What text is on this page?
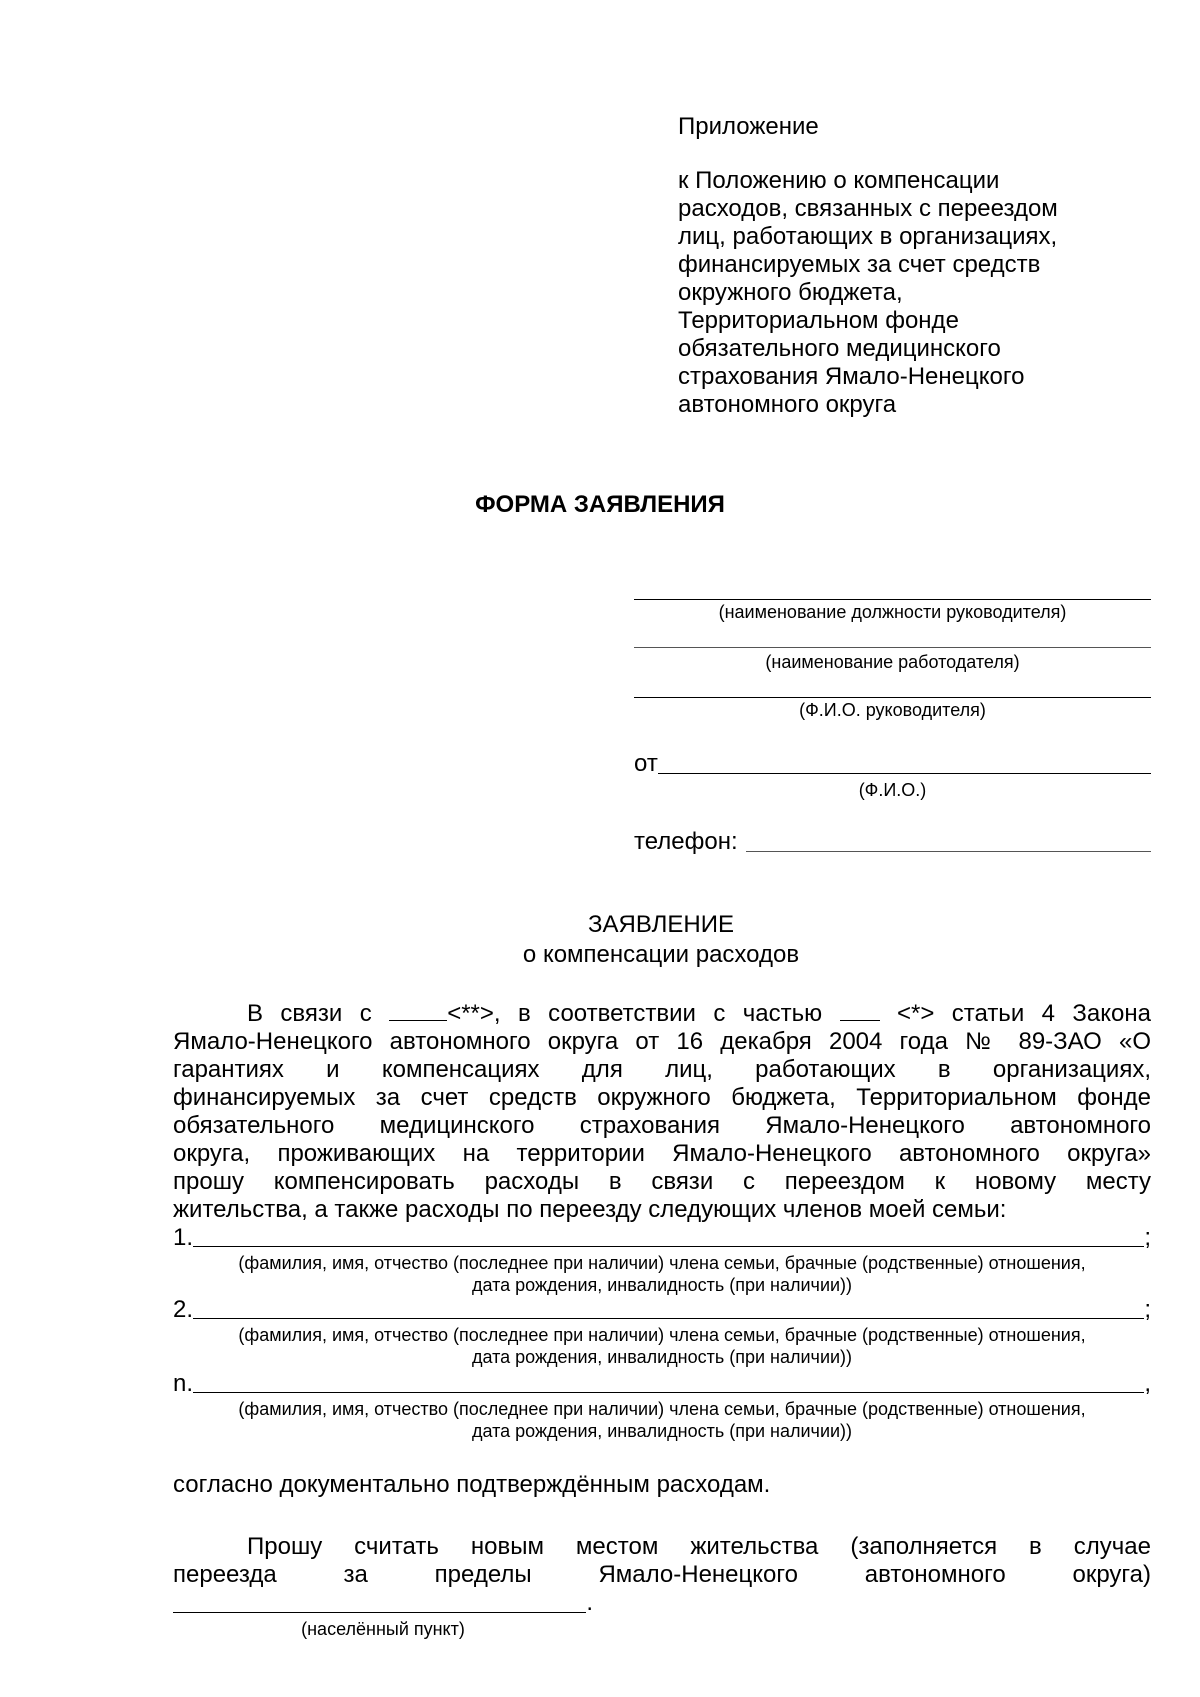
Приложение
к Положению о компенсации
расходов, связанных с переездом
лиц, работающих в организациях,
финансируемых за счет средств
окружного бюджета,
Территориальном фонде
обязательного медицинского
страхования Ямало-Ненецкого
автономного округа
ФОРМА ЗАЯВЛЕНИЯ
(наименование должности руководителя)
(наименование работодателя)
(Ф.И.О. руководителя)
от
(Ф.И.О.)
телефон:
ЗАЯВЛЕНИЕ
о компенсации расходов
В связи с <**>, в соответствии с частью  <*> статьи 4 Закона
Ямало-Ненецкого автономного округа от 16 декабря 2004 года № 89-ЗАО «О
гарантиях и компенсациях для лиц, работающих в организациях,
финансируемых за счет средств окружного бюджета, Территориальном фонде
обязательного медицинского страхования Ямало-Ненецкого автономного
округа, проживающих на территории Ямало-Ненецкого автономного округа»
прошу компенсировать расходы в связи с переездом к новому месту
жительства, а также расходы по переезду следующих членов моей семьи:
1.	;
(фамилия, имя, отчество (последнее при наличии) члена семьи, брачные (родственные) отношения,
дата рождения, инвалидность (при наличии))
2.	;
(фамилия, имя, отчество (последнее при наличии) члена семьи, брачные (родственные) отношения,
дата рождения, инвалидность (при наличии))
n.	,
(фамилия, имя, отчество (последнее при наличии) члена семьи, брачные (родственные) отношения,
дата рождения, инвалидность (при наличии))
согласно документально подтверждённым расходам.
Прошу считать новым местом жительства (заполняется в случае
переезда за пределы Ямало-Ненецкого автономного округа)
.
(населённый пункт)
